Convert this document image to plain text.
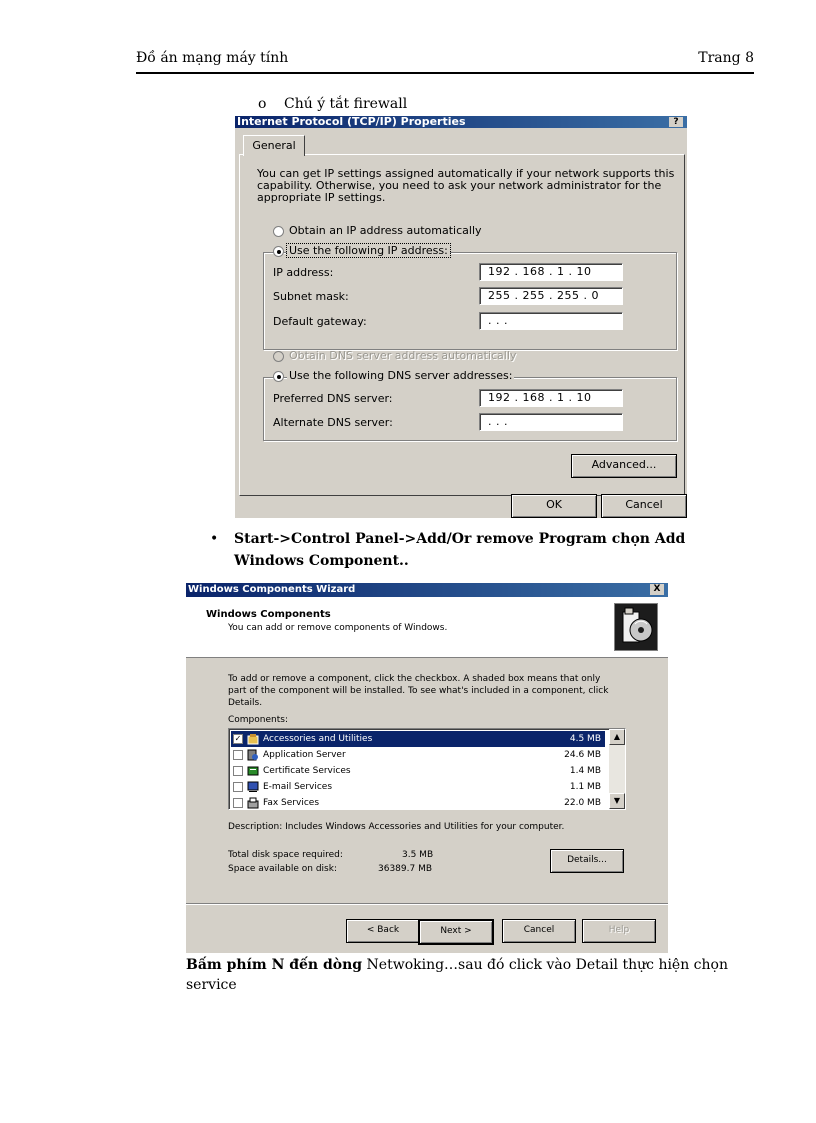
Đồ án mạng máy tính	Trang 8
o Chú ý tắt firewall
Internet Protocol (TCP/IP) Properties	?
General
You can get IP settings assigned automatically if your network supports this capability. Otherwise, you need to ask your network administrator for the appropriate IP settings.
Obtain an IP address automatically
Use the following IP address:
IP address:	192 . 168 . 1 . 10
Subnet mask:	255 . 255 . 255 . 0
Default gateway:	. . .
Obtain DNS server address automatically
Use the following DNS server addresses:
Preferred DNS server:	192 . 168 . 1 . 10
Alternate DNS server:	. . .
Advanced...
OK	Cancel
• Start->Control Panel->Add/Or remove Program chọn Add Windows Component..
Windows Components Wizard	X
Windows Components
You can add or remove components of Windows.
To add or remove a component, click the checkbox. A shaded box means that only part of the component will be installed. To see what's included in a component, click Details.
Components:
✓ Accessories and Utilities	4.5 MB
Application Server	24.6 MB
Certificate Services	1.4 MB
E-mail Services	1.1 MB
Fax Services	22.0 MB
▲
▼
Description: Includes Windows Accessories and Utilities for your computer.
Total disk space required:	3.5 MB
Space available on disk:	36389.7 MB
Details...
< Back	Next >	Cancel	Help
Bấm phím N đến dòng Netwoking…sau đó click vào Detail thực hiện chọn service
